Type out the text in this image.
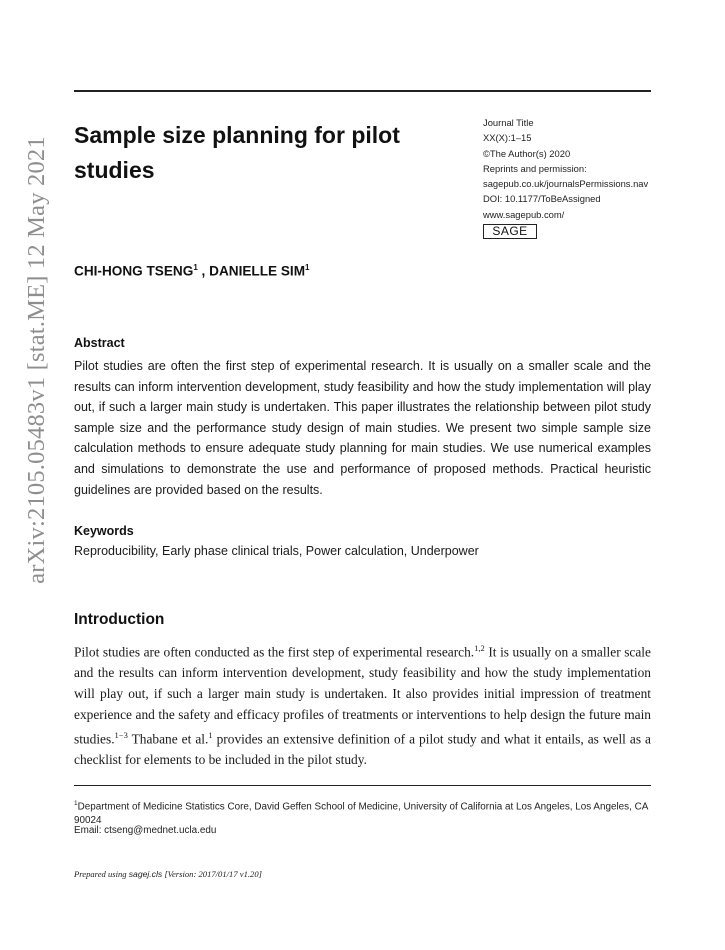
arXiv:2105.05483v1 [stat.ME] 12 May 2021
Sample size planning for pilot studies
Journal Title
XX(X):1–15
©The Author(s) 2020
Reprints and permission:
sagepub.co.uk/journalsPermissions.nav
DOI: 10.1177/ToBeAssigned
www.sagepub.com/
SAGE

CHI-HONG TSENG$^1$ , DANIELLE SIM$^1$

Abstract

Pilot studies are often the first step of experimental research. It is usually on a smaller scale and the results can inform intervention development, study feasibility and how the study implementation will play out, if such a larger main study is undertaken. This paper illustrates the relationship between pilot study sample size and the performance study design of main studies. We present two simple sample size calculation methods to ensure adequate study planning for main studies. We use numerical examples and simulations to demonstrate the use and performance of proposed methods. Practical heuristic guidelines are provided based on the results.

Keywords

Reproducibility, Early phase clinical trials, Power calculation, Underpower

Introduction

Pilot studies are often conducted as the first step of experimental research.$^{1,2}$ It is usually on a smaller scale and the results can inform intervention development, study feasibility and how the study implementation will play out, if such a larger main study is undertaken. It also provides initial impression of treatment experience and the safety and efficacy profiles of treatments or interventions to help design the future main studies.$^{1-3}$ Thabane et al.$^1$ provides an extensive definition of a pilot study and what it entails, as well as a checklist for elements to be included in the pilot study.

$^1$Department of Medicine Statistics Core, David Geffen School of Medicine, University of California at Los Angeles, Los Angeles, CA 90024

Email: ctseng@mednet.ucla.edu

Prepared using sagej.cls [Version: 2017/01/17 v1.20]
